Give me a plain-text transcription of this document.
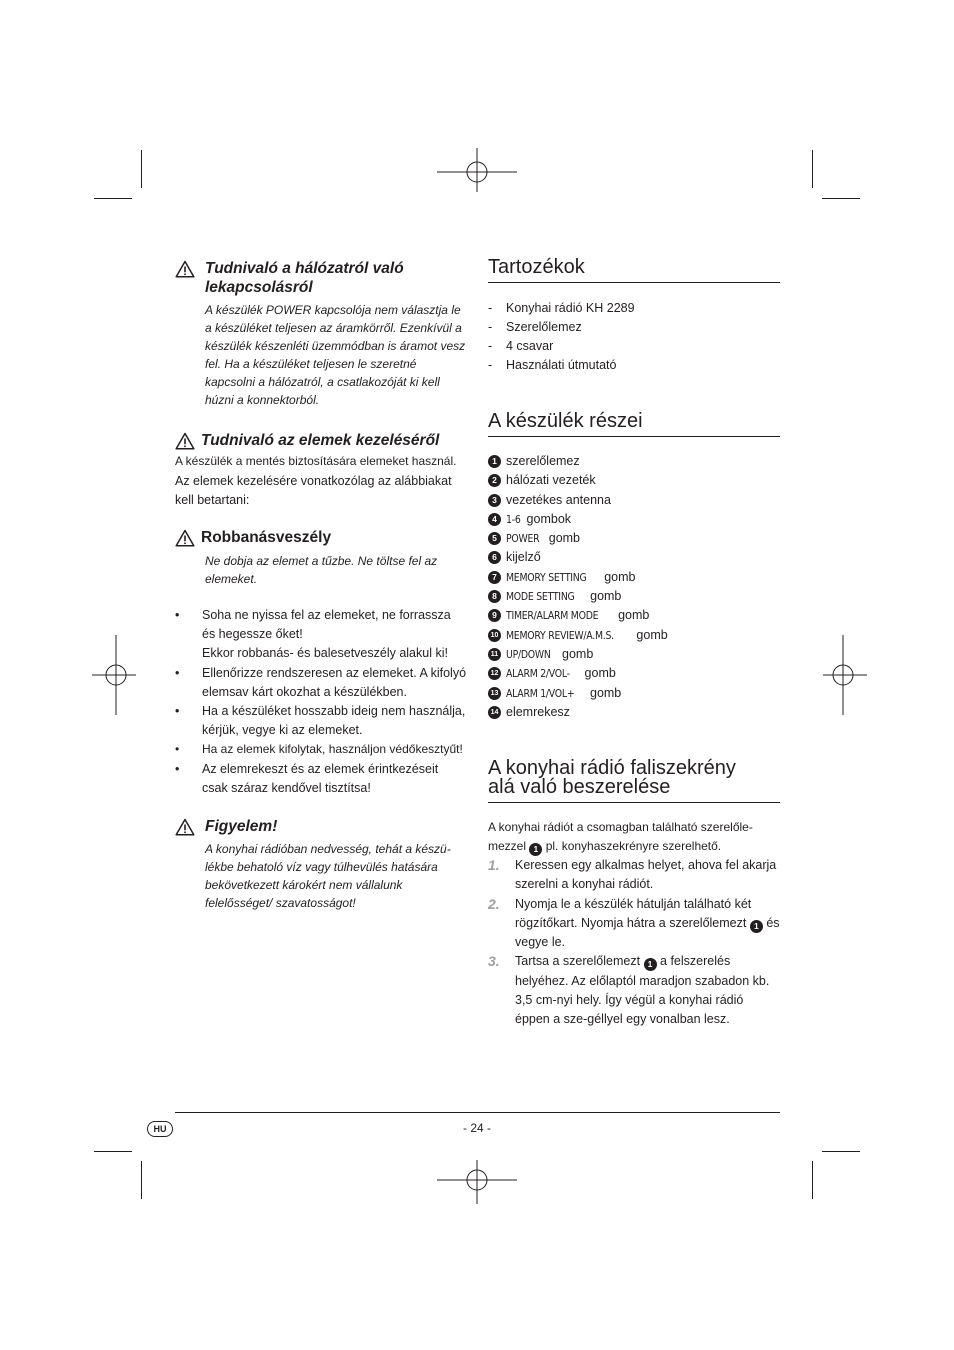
Tudnivaló a hálózatról való
lekapcsolásról
A készülék POWER kapcsolója nem választja le a készüléket teljesen az áramkörről. Ezenkívül a készülék készenléti üzemmódban is áramot vesz fel. Ha a készüléket teljesen le szeretné kapcsolni a hálózatról, a csatlakozóját ki kell húzni a konnektorból.
Tudnivaló az elemek kezeléséről
A készülék a mentés biztosítására elemeket használ.
Az elemek kezelésére vonatkozólag az alábbiakat kell betartani:
Robbanásveszély
Ne dobja az elemet a tűzbe. Ne töltse fel az elemeket.
• Soha ne nyissa fel az elemeket, ne forrassza és hegessze őket!
Ekkor robbanás- és balesetveszély alakul ki!
• Ellenőrizze rendszeresen az elemeket. A kifolyó elemsav kárt okozhat a készülékben.
• Ha a készüléket hosszabb ideig nem használja, kérjük, vegye ki az elemeket.
• Ha az elemek kifolytak, használjon védőkesztyűt!
• Az elemrekeszt és az elemek érintkezéseit csak száraz kendővel tisztítsa!
Figyelem!
A konyhai rádióban nedvesség, tehát a készü-lékbe behatoló víz vagy túlhevülés hatására bekövetkezett károkért nem vállalunk felelősséget/ szavatosságot!
Tartozékok
- Konyhai rádió KH 2289
- Szerelőlemez
- 4 csavar
- Használati útmutató
A készülék részei
1 szerelőlemez
2 hálózati vezeték
3 vezetékes antenna
4 1-6 gombok
5 POWER gomb
6 kijelző
7 MEMORY SETTING gomb
8 MODE SETTING gomb
9 TIMER/ALARM MODE gomb
10 MEMORY REVIEW/A.M.S. gomb
11 UP/DOWN gomb
12 ALARM 2/VOL- gomb
13 ALARM 1/VOL+ gomb
14 elemrekesz
A konyhai rádió faliszekrény
alá való beszerelése
A konyhai rádiót a csomagban található szerelőle-mezzel 1 pl. konyhaszekrényre szerelhető.
1. Keressen egy alkalmas helyet, ahova fel akarja szerelni a konyhai rádiót.
2. Nyomja le a készülék hátulján található két rögzítőkart. Nyomja hátra a szerelőlemezt 1 és vegye le.
3. Tartsa a szerelőlemezt 1 a felszerelés helyéhez. Az előlaptól maradjon szabadon kb. 3,5 cm-nyi hely. Így végül a konyhai rádió éppen a sze-géllyel egy vonalban lesz.
HU	- 24 -
